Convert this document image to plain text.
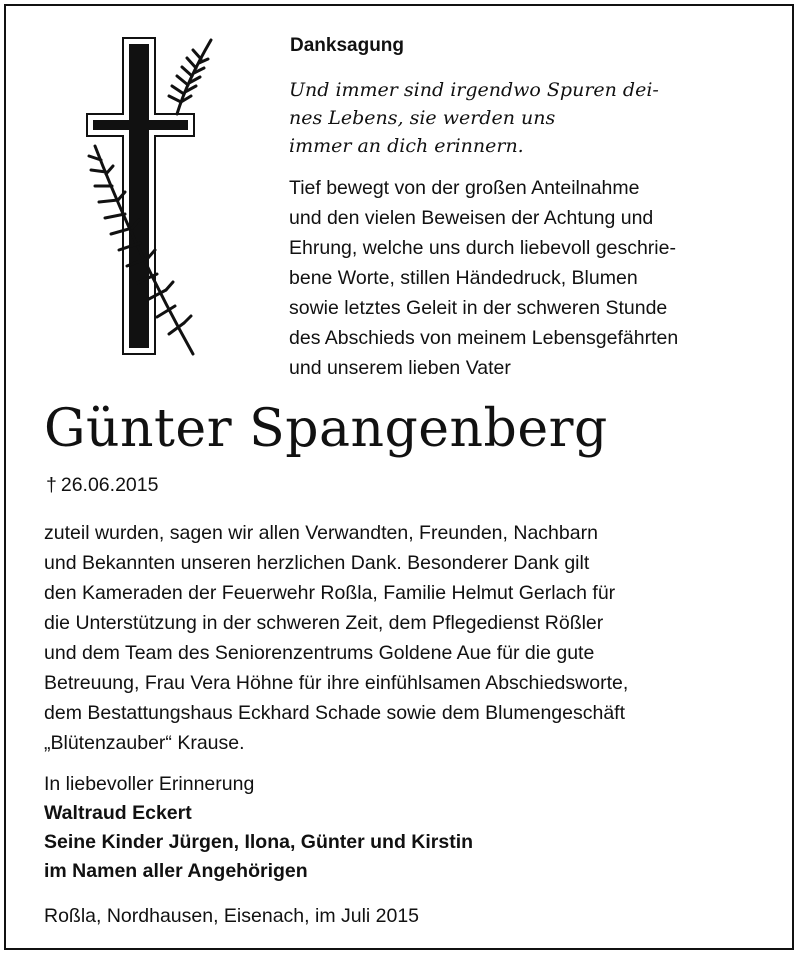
Danksagung
Und immer sind irgendwo Spuren dei-
nes Lebens, sie werden uns
immer an dich erinnern.
Tief bewegt von der großen Anteilnahme
und den vielen Beweisen der Achtung und
Ehrung, welche uns durch liebevoll geschrie-
bene Worte, stillen Händedruck, Blumen
sowie letztes Geleit in der schweren Stunde
des Abschieds von meinem Lebensgefährten
und unserem lieben Vater
Günter Spangenberg
† 26.06.2015
zuteil wurden, sagen wir allen Verwandten, Freunden, Nachbarn
und Bekannten unseren herzlichen Dank. Besonderer Dank gilt
den Kameraden der Feuerwehr Roßla, Familie Helmut Gerlach für
die Unterstützung in der schweren Zeit, dem Pflegedienst Rößler
und dem Team des Seniorenzentrums Goldene Aue für die gute
Betreuung, Frau Vera Höhne für ihre einfühlsamen Abschiedsworte,
dem Bestattungshaus Eckhard Schade sowie dem Blumengeschäft
„Blütenzauber“ Krause.
In liebevoller Erinnerung
Waltraud Eckert
Seine Kinder Jürgen, Ilona, Günter und Kirstin
im Namen aller Angehörigen
Roßla, Nordhausen, Eisenach, im Juli 2015
